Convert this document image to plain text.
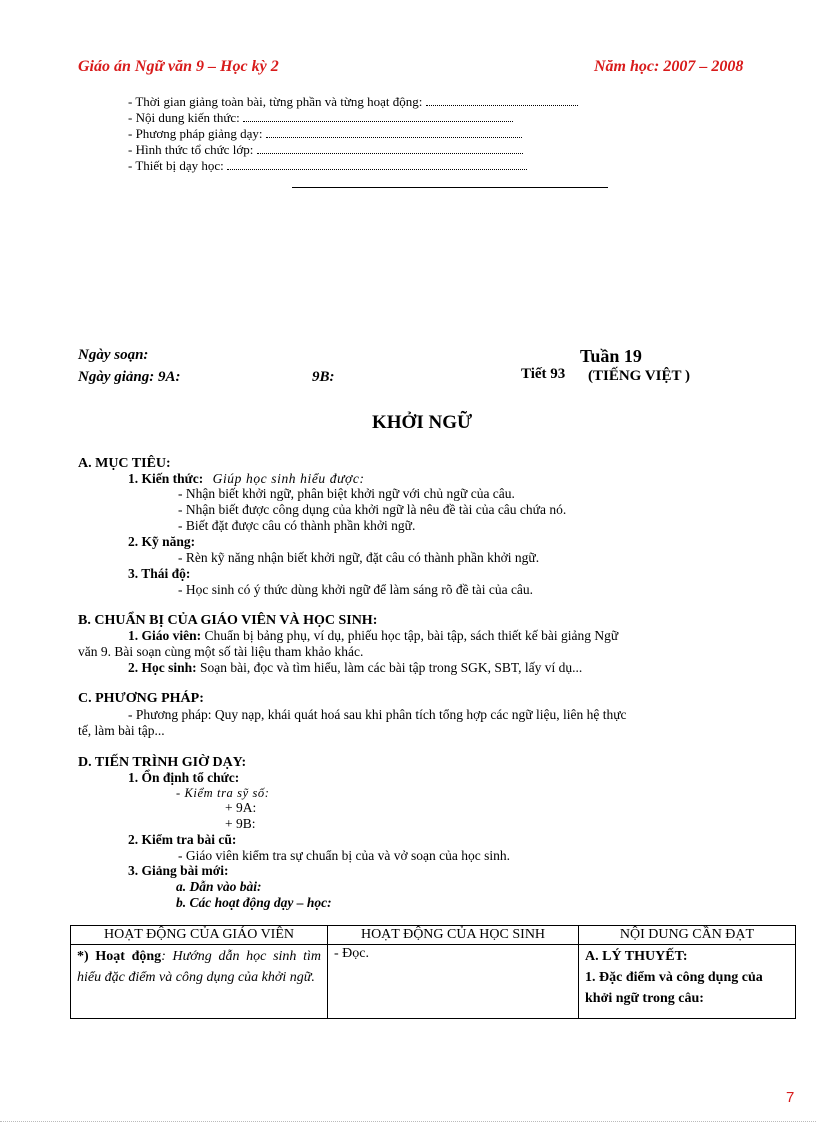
Giáo án Ngữ văn 9 – Học kỳ 2	Năm học: 2007 – 2008
- Thời gian giảng toàn bài, từng phần và từng hoạt động:
- Nội dung kiến thức:
- Phương pháp giảng dạy:
- Hình thức tổ chức lớp:
- Thiết bị dạy học:
Ngày soạn:
Ngày giảng: 9A:	9B:
Tuần 19
Tiết 93 (TIẾNG VIỆT )
KHỞI NGỮ
A. MỤC TIÊU:
1. Kiến thức: Giúp học sinh hiểu được:
- Nhận biết khởi ngữ, phân biệt khởi ngữ với chủ ngữ của câu.
- Nhận biết được công dụng của khởi ngữ là nêu đề tài của câu chứa nó.
- Biết đặt được câu có thành phần khởi ngữ.
2. Kỹ năng:
- Rèn kỹ năng nhận biết khởi ngữ, đặt câu có thành phần khởi ngữ.
3. Thái độ:
- Học sinh có ý thức dùng khởi ngữ để làm sáng rõ đề tài của câu.
B. CHUẨN BỊ CỦA GIÁO VIÊN VÀ HỌC SINH:
1. Giáo viên: Chuẩn bị bảng phụ, ví dụ, phiếu học tập, bài tập, sách thiết kế bài giảng Ngữ
văn 9. Bài soạn cùng một số tài liệu tham khảo khác.
2. Học sinh: Soạn bài, đọc và tìm hiểu, làm các bài tập trong SGK, SBT, lấy ví dụ...
C. PHƯƠNG PHÁP:
- Phương pháp: Quy nạp, khái quát hoá sau khi phân tích tổng hợp các ngữ liệu, liên hệ thực
tế, làm bài tập...
D. TIẾN TRÌNH GIỜ DẠY:
1. Ổn định tổ chức:
- Kiểm tra sỹ số:
+ 9A:
+ 9B:
2. Kiểm tra bài cũ:
- Giáo viên kiểm tra sự chuẩn bị của và vở soạn của học sinh.
3. Giảng bài mới:
a. Dẫn vào bài:
b. Các hoạt động dạy – học:
HOẠT ĐỘNG CỦA GIÁO VIÊN	HOẠT ĐỘNG CỦA HỌC SINH	NỘI DUNG CẦN ĐẠT
*) Hoạt động: Hướng dẫn học sinh tìm hiểu đặc điểm và công dụng của khởi ngữ.	- Đọc.	A. LÝ THUYẾT:
1. Đặc điểm và công dụng của khởi ngữ trong câu:
7
